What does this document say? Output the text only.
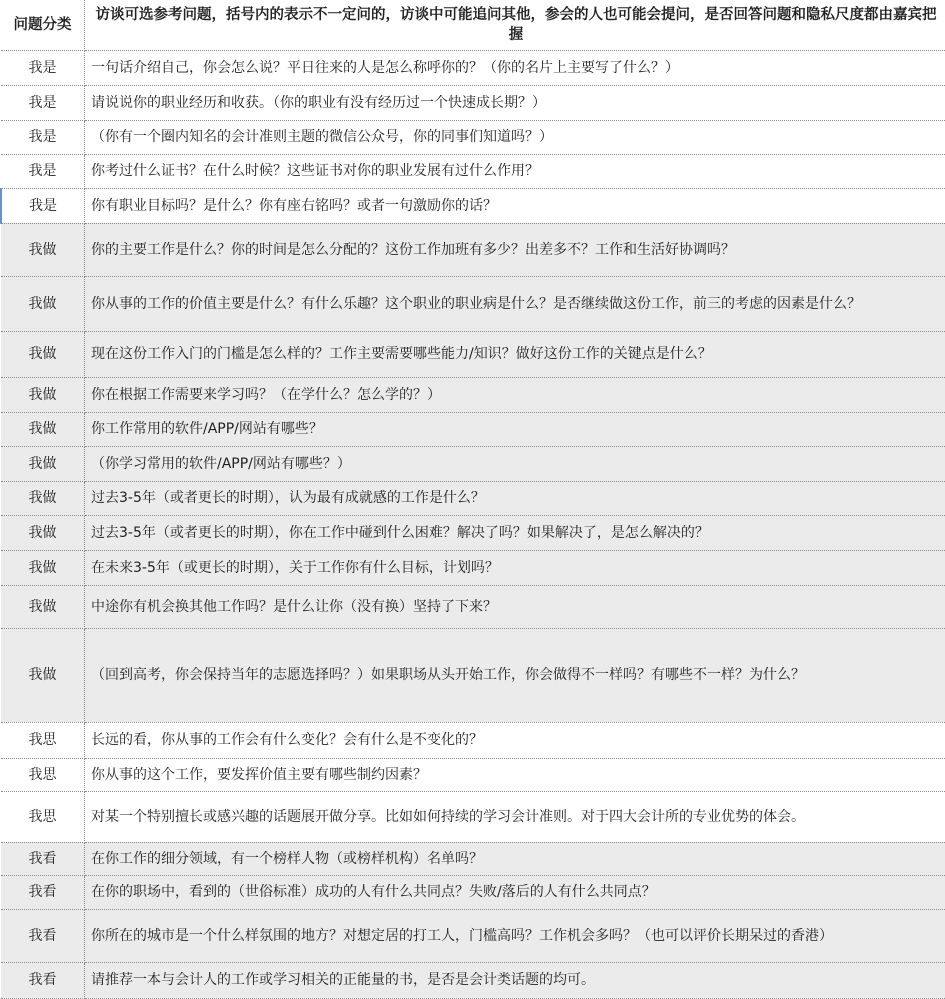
问题分类	访谈可选参考问题，括号内的表示不一定问的，访谈中可能追问其他，参会的人也可能会提问，是否回答问题和隐私尺度都由嘉宾把握
我是	一句话介绍自己，你会怎么说？平日往来的人是怎么称呼你的？（你的名片上主要写了什么？）
我是	请说说你的职业经历和收获。（你的职业有没有经历过一个快速成长期？）
我是	（你有一个圈内知名的会计准则主题的微信公众号，你的同事们知道吗？）
我是	你考过什么证书？在什么时候？这些证书对你的职业发展有过什么作用？
我是	你有职业目标吗？是什么？你有座右铭吗？或者一句激励你的话？
我做	你的主要工作是什么？你的时间是怎么分配的？这份工作加班有多少？出差多不？工作和生活好协调吗？
我做	你从事的工作的价值主要是什么？有什么乐趣？这个职业的职业病是什么？是否继续做这份工作，前三的考虑的因素是什么？
我做	现在这份工作入门的门槛是怎么样的？工作主要需要哪些能力/知识？做好这份工作的关键点是什么？
我做	你在根据工作需要来学习吗？（在学什么？怎么学的？）
我做	你工作常用的软件/APP/网站有哪些？
我做	（你学习常用的软件/APP/网站有哪些？）
我做	过去3-5年（或者更长的时期），认为最有成就感的工作是什么？
我做	过去3-5年（或者更长的时期），你在工作中碰到什么困难？解决了吗？如果解决了，是怎么解决的？
我做	在未来3-5年（或更长的时期），关于工作你有什么目标，计划吗？
我做	中途你有机会换其他工作吗？是什么让你（没有换）坚持了下来？
我做	（回到高考，你会保持当年的志愿选择吗？）如果职场从头开始工作，你会做得不一样吗？有哪些不一样？为什么？
我思	长远的看，你从事的工作会有什么变化？会有什么是不变化的？
我思	你从事的这个工作，要发挥价值主要有哪些制约因素？
我思	对某一个特别擅长或感兴趣的话题展开做分享。比如如何持续的学习会计准则。对于四大会计所的专业优势的体会。
我看	在你工作的细分领域，有一个榜样人物（或榜样机构）名单吗？
我看	在你的职场中，看到的（世俗标准）成功的人有什么共同点？失败/落后的人有什么共同点？
我看	你所在的城市是一个什么样氛围的地方？对想定居的打工人，门槛高吗？工作机会多吗？（也可以评价长期呆过的香港）
我看	请推荐一本与会计人的工作或学习相关的正能量的书，是否是会计类话题的均可。
